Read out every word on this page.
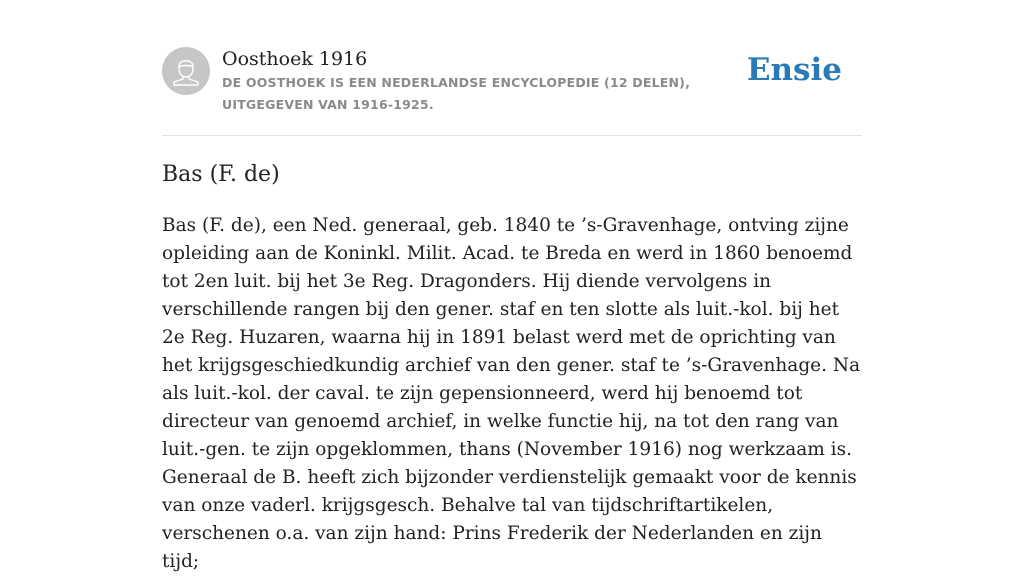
Oosthoek 1916
DE OOSTHOEK IS EEN NEDERLANDSE ENCYCLOPEDIE (12 DELEN), UITGEGEVEN VAN 1916-1925.
Ensie
Bas (F. de)

Bas (F. de), een Ned. generaal, geb. 1840 te ’s-Gravenhage, ontving zijne opleiding aan de Koninkl. Milit. Acad. te Breda en werd in 1860 benoemd tot 2en luit. bij het 3e Reg. Dragonders. Hij diende vervolgens in verschillende rangen bij den gener. staf en ten slotte als luit.-kol. bij het 2e Reg. Huzaren, waarna hij in 1891 belast werd met de oprichting van het krijgsgeschiedkundig archief van den gener. staf te ’s-Gravenhage. Na als luit.-kol. der caval. te zijn gepensionneerd, werd hij benoemd tot directeur van genoemd archief, in welke functie hij, na tot den rang van luit.-gen. te zijn opgeklommen, thans (November 1916) nog werkzaam is. Generaal de B. heeft zich bijzonder verdienstelijk gemaakt voor de kennis van onze vaderl. krijgsgesch. Behalve tal van tijdschriftartikelen, verschenen o.a. van zijn hand: Prins Frederik der Nederlanden en zijn tijd;
